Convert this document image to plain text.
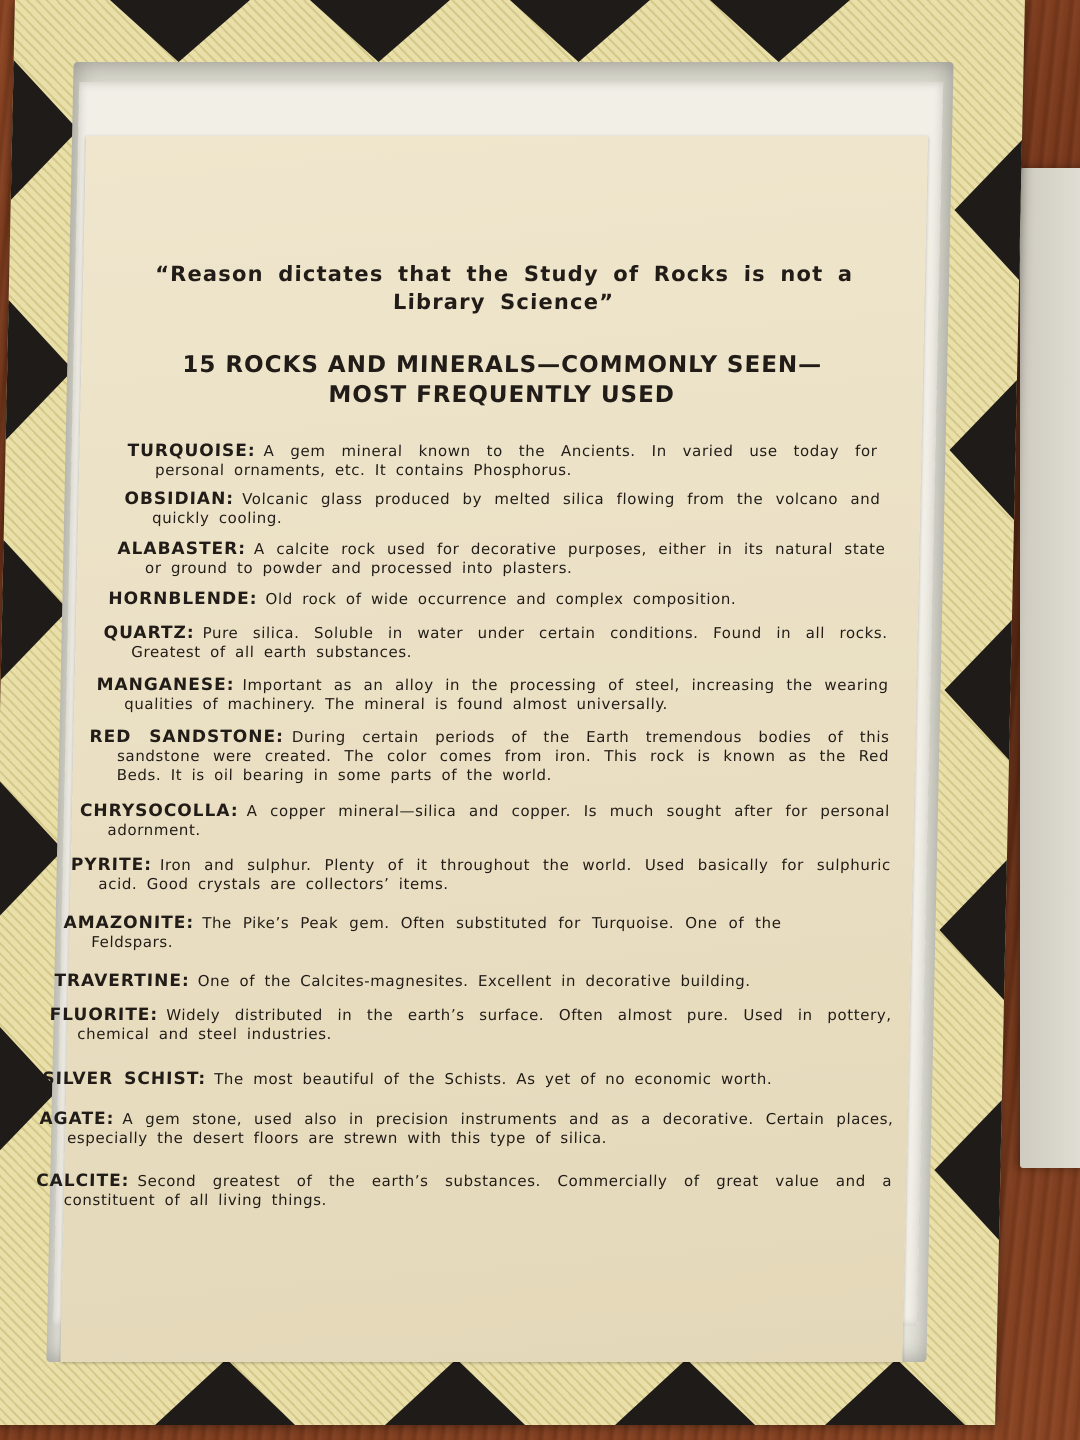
“Reason dictates that the Study of Rocks is not a Library Science”
15 ROCKS AND MINERALS—COMMONLY SEEN—
MOST FREQUENTLY USED
TURQUOISE: A gem mineral known to the Ancients. In varied use today for personal ornaments, etc. It contains Phosphorus.
OBSIDIAN: Volcanic glass produced by melted silica flowing from the volcano and quickly cooling.
ALABASTER: A calcite rock used for decorative purposes, either in its natural state or ground to powder and processed into plasters.
HORNBLENDE: Old rock of wide occurrence and complex composition.
QUARTZ: Pure silica. Soluble in water under certain conditions. Found in all rocks. Greatest of all earth substances.
MANGANESE: Important as an alloy in the processing of steel, increasing the wearing qualities of machinery. The mineral is found almost universally.
RED SANDSTONE: During certain periods of the Earth tremendous bodies of this sandstone were created. The color comes from iron. This rock is known as the Red Beds. It is oil bearing in some parts of the world.
CHRYSOCOLLA: A copper mineral—silica and copper. Is much sought after for personal adornment.
PYRITE: Iron and sulphur. Plenty of it throughout the world. Used basically for sulphuric acid. Good crystals are collectors’ items.
AMAZONITE: The Pike’s Peak gem. Often substituted for Turquoise. One of the Feldspars.
TRAVERTINE: One of the Calcites-magnesites. Excellent in decorative building.
FLUORITE: Widely distributed in the earth’s surface. Often almost pure. Used in pottery, chemical and steel industries.
SILVER SCHIST: The most beautiful of the Schists. As yet of no economic worth.
AGATE: A gem stone, used also in precision instruments and as a decorative. Certain places, especially the desert floors are strewn with this type of silica.
CALCITE: Second greatest of the earth’s substances. Commercially of great value and a constituent of all living things.
